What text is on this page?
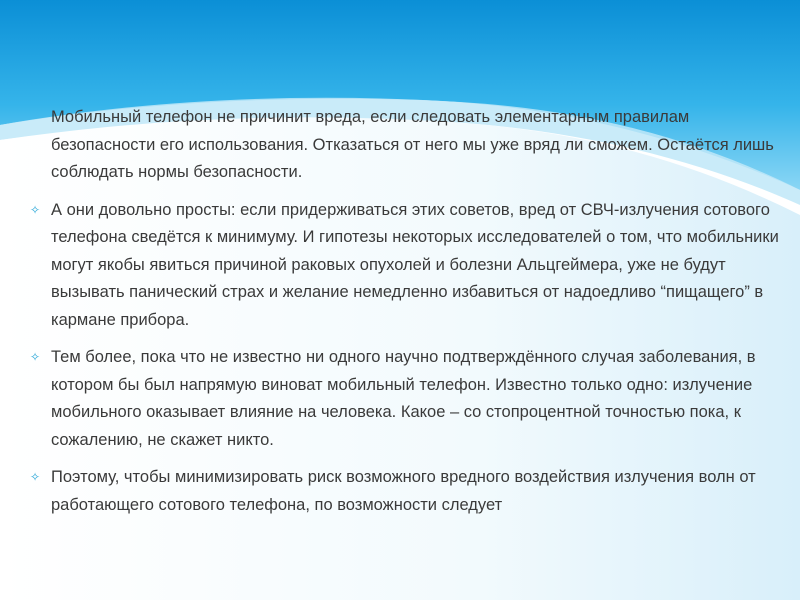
Мобильный телефон не причинит вреда, если следовать элементарным правилам безопасности его использования. Отказаться от него мы уже вряд ли сможем. Остаётся лишь соблюдать нормы безопасности.
✧ А они довольно просты: если придерживаться этих советов, вред от СВЧ-излучения сотового телефона сведётся к минимуму. И гипотезы некоторых исследователей о том, что мобильники могут якобы явиться причиной раковых опухолей и болезни Альцгеймера, уже не будут вызывать панический страх и желание немедленно избавиться от надоедливо “пищащего” в кармане прибора.
✧ Тем более, пока что не известно ни одного научно подтверждённого случая заболевания, в котором бы был напрямую виноват мобильный телефон. Известно только одно: излучение мобильного оказывает влияние на человека. Какое – со стопроцентной точностью пока, к сожалению, не скажет никто.
✧ Поэтому, чтобы минимизировать риск возможного вредного воздействия излучения волн от работающего сотового телефона, по возможности следует
